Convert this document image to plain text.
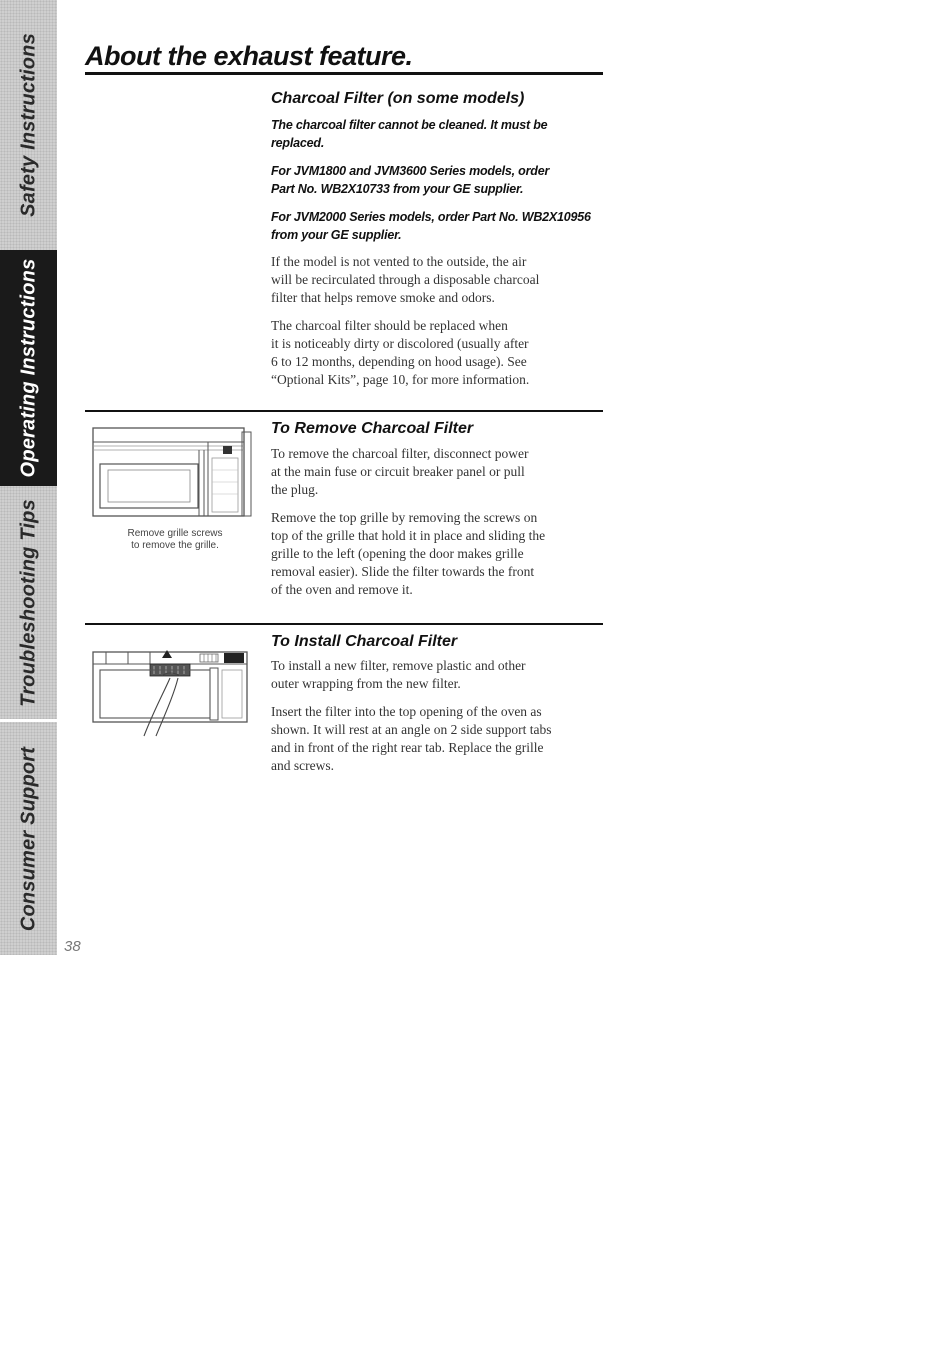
Safety Instructions
Operating Instructions
Troubleshooting Tips
Consumer Support
38
About the exhaust feature.
Charcoal Filter (on some models)
The charcoal filter cannot be cleaned. It must be
replaced.
For JVM1800 and JVM3600 Series models, order
Part No. WB2X10733 from your GE supplier.
For JVM2000 Series models, order Part No. WB2X10956
from your GE supplier.
If the model is not vented to the outside, the air
will be recirculated through a disposable charcoal
filter that helps remove smoke and odors.
The charcoal filter should be replaced when
it is noticeably dirty or discolored (usually after
6 to 12 months, depending on hood usage). See
“Optional Kits”, page 10, for more information.
To Remove Charcoal Filter
Remove grille screws
to remove the grille.
To remove the charcoal filter, disconnect power
at the main fuse or circuit breaker panel or pull
the plug.
Remove the top grille by removing the screws on
top of the grille that hold it in place and sliding the
grille to the left (opening the door makes grille
removal easier). Slide the filter towards the front
of the oven and remove it.
To Install Charcoal Filter
To install a new filter, remove plastic and other
outer wrapping from the new filter.
Insert the filter into the top opening of the oven as
shown. It will rest at an angle on 2 side support tabs
and in front of the right rear tab. Replace the grille
and screws.
